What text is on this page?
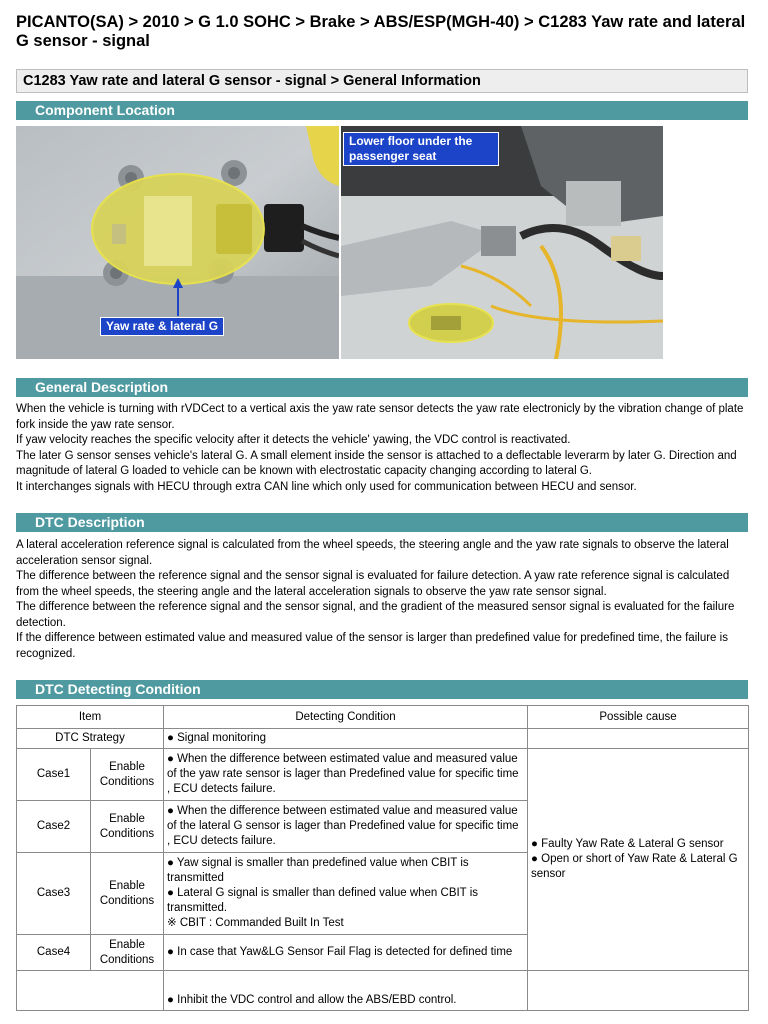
PICANTO(SA) > 2010 > G 1.0 SOHC > Brake > ABS/ESP(MGH-40) > C1283 Yaw rate and lateral G sensor - signal
C1283 Yaw rate and lateral G sensor - signal > General Information
Component Location
Yaw rate & lateral G
Lower floor under the
passenger seat
General Description

When the vehicle is turning with rVDCect to a vertical axis the yaw rate sensor detects the yaw rate electronicly by the vibration change of plate fork inside the yaw rate sensor.

If yaw velocity reaches the specific velocity after it detects the vehicle' yawing, the VDC control is reactivated.

The later G sensor senses vehicle's lateral G. A small element inside the sensor is attached to a deflectable leverarm by later G. Direction and magnitude of lateral G loaded to vehicle can be known with electrostatic capacity changing according to lateral G.

It interchanges signals with HECU through extra CAN line which only used for communication between HECU and sensor.

DTC Description

A lateral acceleration reference signal is calculated from the wheel speeds, the steering angle and the yaw rate signals to observe the lateral acceleration sensor signal.

The difference between the reference signal and the sensor signal is evaluated for failure detection. A yaw rate reference signal is calculated from the wheel speeds, the steering angle and the lateral acceleration signals to observe the yaw rate sensor signal.

The difference between the reference signal and the sensor signal, and the gradient of the measured sensor signal is evaluated for the failure detection.

If the difference between estimated value and measured value of the sensor is larger than predefined value for predefined time, the failure is recognized.

DTC Detecting Condition
Item		Detecting Condition	Possible cause
DTC Strategy		● Signal monitoring	
Case1	Enable Conditions	● When the difference between estimated value and measured value of the yaw rate sensor is lager than Predefined value for specific time , ECU detects failure.	● Faulty Yaw Rate & Lateral G sensor
● Open or short of Yaw Rate & Lateral G sensor

Case2	Enable Conditions	● When the difference between estimated value and measured value of the lateral G sensor is lager than Predefined value for specific time , ECU detects failure.	
Case3	Enable Conditions	● Yaw signal is smaller than predefined value when CBIT is transmitted
● Lateral G signal is smaller than defined value when CBIT is transmitted.
※ CBIT : Commanded Built In Test	

Case4	Enable Conditions	● In case that Yaw&LG Sensor Fail Flag is detected for defined time	
		● Inhibit the VDC control and allow the ABS/EBD control.	
